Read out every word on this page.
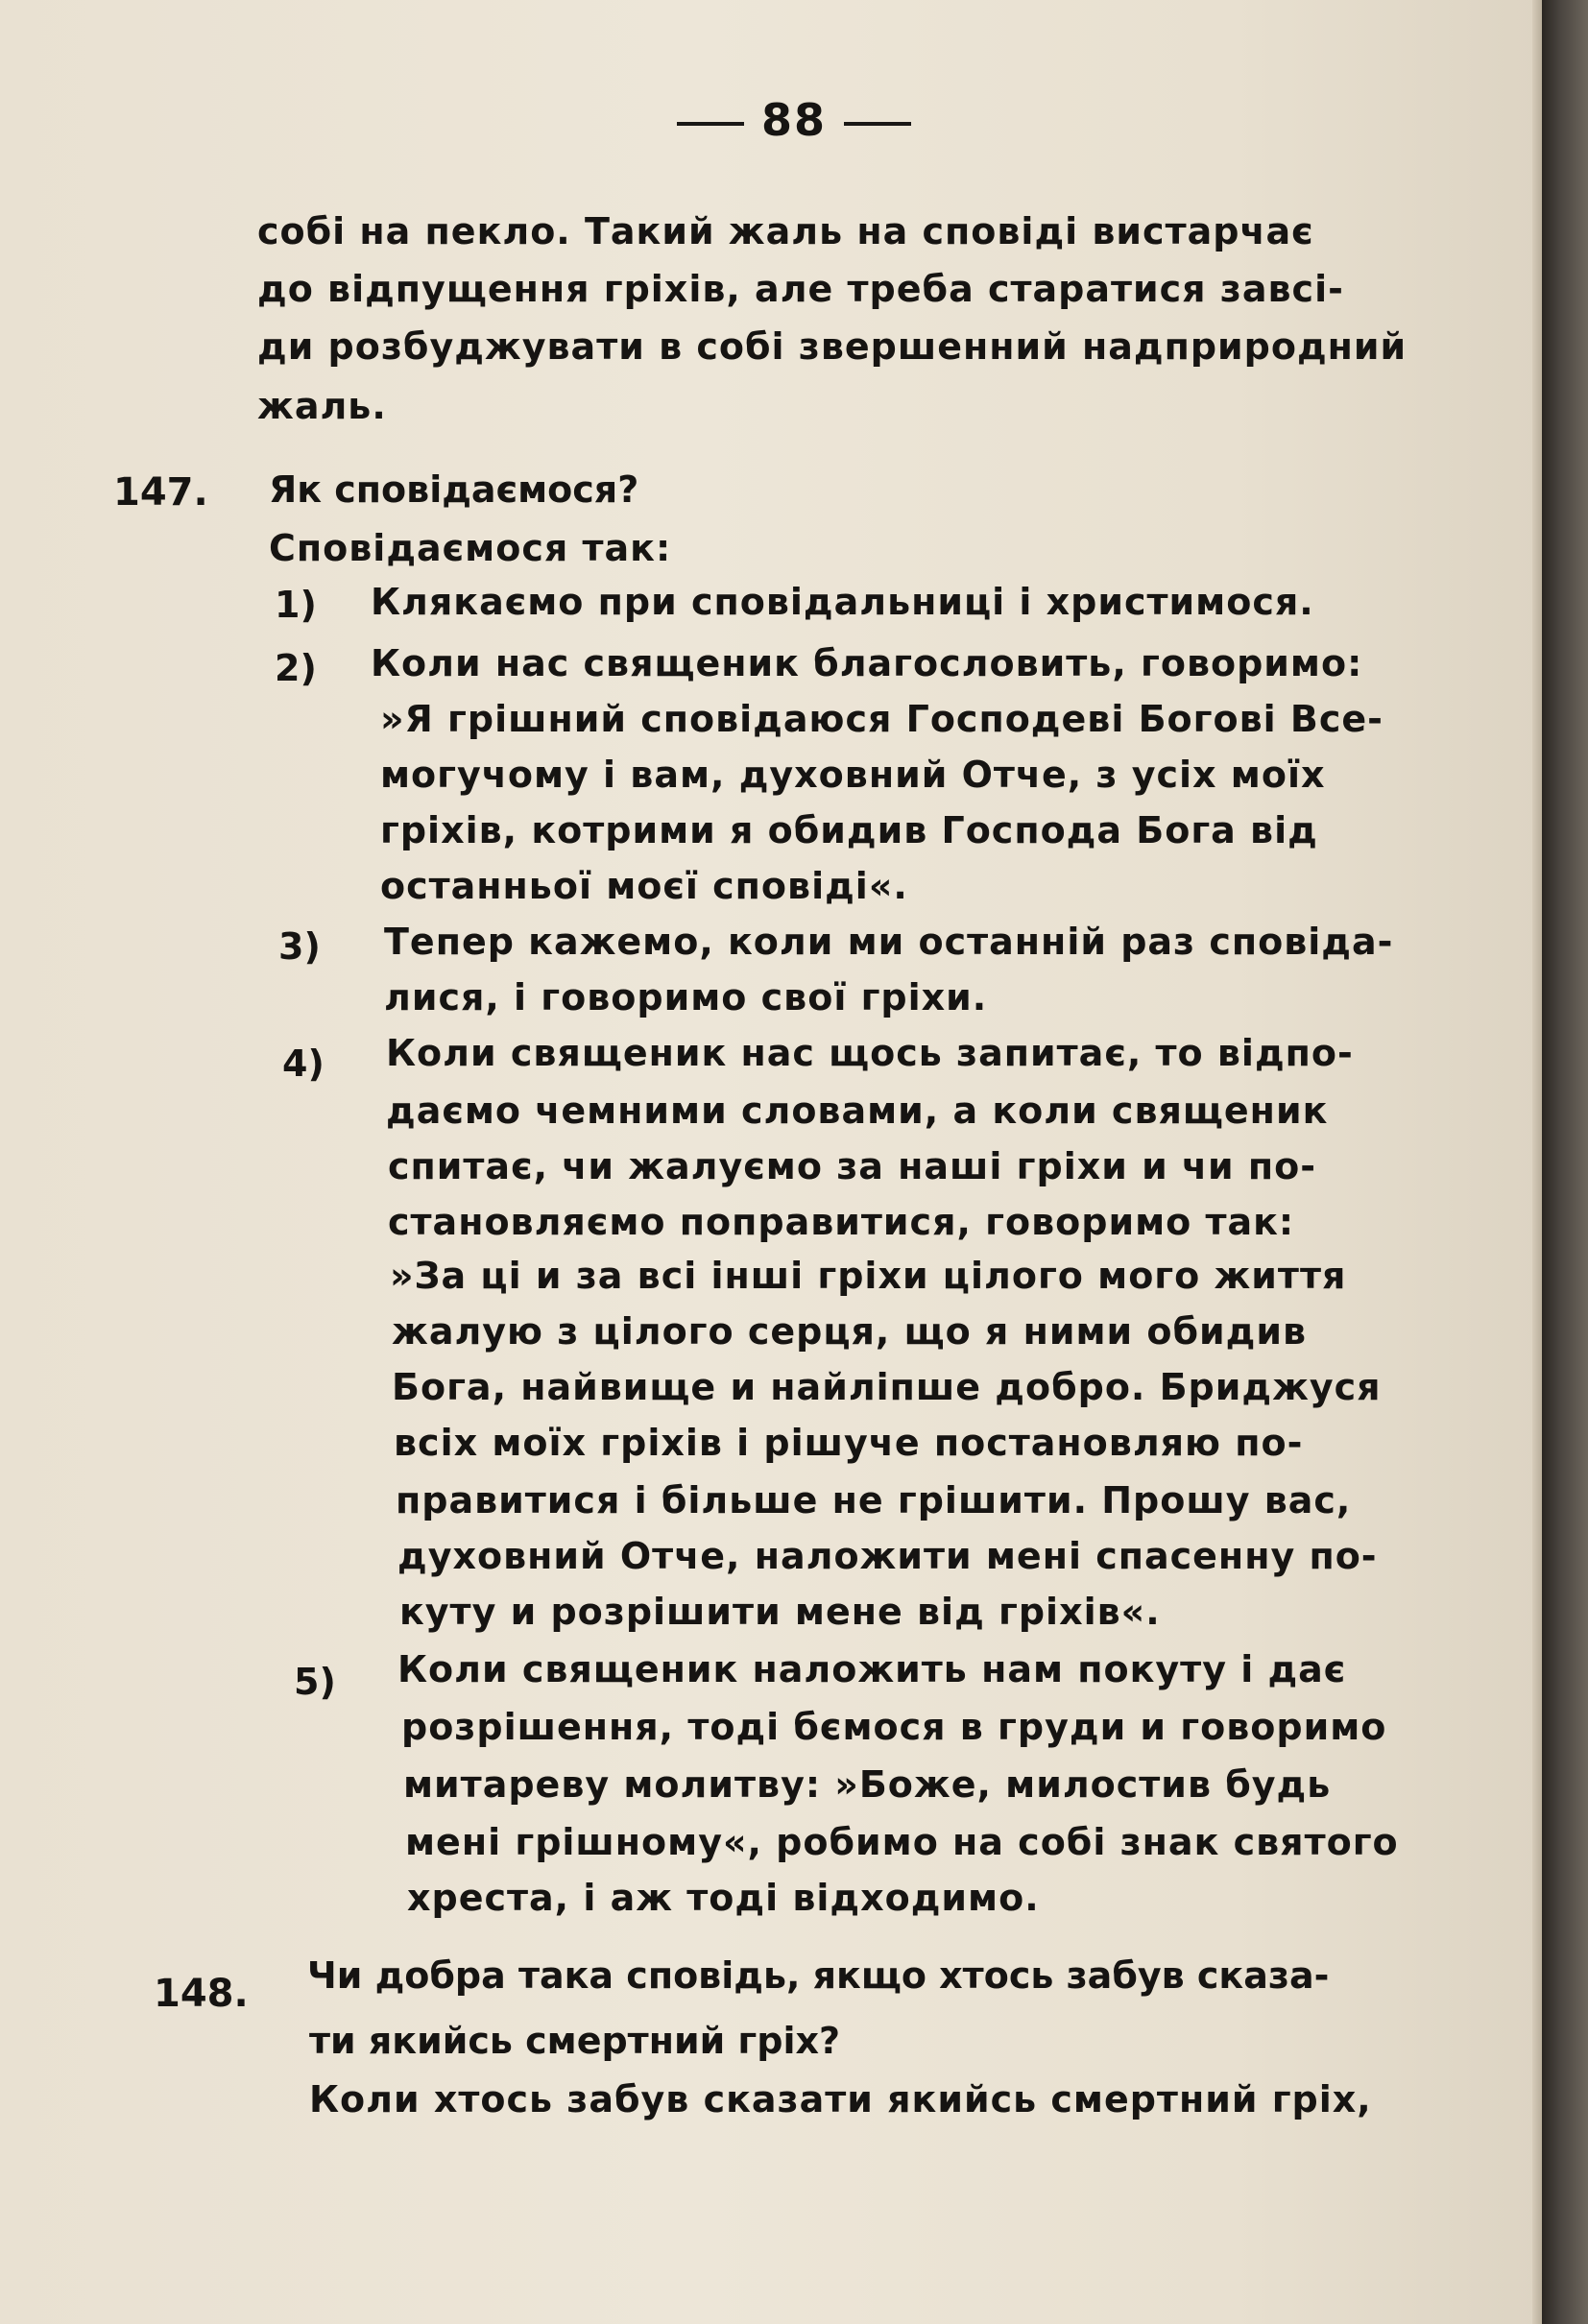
88
собі на пекло. Такий жаль на сповіді вистарчає
до відпущення гріхів, але треба старатися завсі-
ди розбуджувати в собі звершенний надприродний
жаль.
147. Як сповідаємося?
Сповідаємося так:
1) Клякаємо при сповідальниці і христимося.
2) Коли нас священик благословить, говоримо:
»Я грішний сповідаюся Господеві Богові Все-
могучому і вам, духовний Отче, з усіх моїх
гріхів, котрими я обидив Господа Бога від
останньої моєї сповіді«.
3) Тепер кажемо, коли ми останній раз сповіда-
лися, і говоримо свої гріхи.
4) Коли священик нас щось запитає, то відпо-
даємо чемними словами, а коли священик
спитає, чи жалуємо за наші гріхи и чи по-
становляємо поправитися, говоримо так:
»За ці и за всі інші гріхи цілого мого життя
жалую з цілого серця, що я ними обидив
Бога, найвище и найліпше добро. Бриджуся
всіх моїх гріхів і рішуче постановляю по-
правитися і більше не грішити. Прошу вас,
духовний Отче, наложити мені спасенну по-
куту и розрішити мене від гріхів«.
5) Коли священик наложить нам покуту і дає
розрішення, тоді бємося в груди и говоримо
митареву молитву: »Боже, милостив будь
мені грішному«, робимо на собі знак святого
хреста, і аж тоді відходимо.
148. Чи добра така сповідь, якщо хтось забув сказа-
ти якийсь смертний гріх?
Коли хтось забув сказати якийсь смертний гріх,
